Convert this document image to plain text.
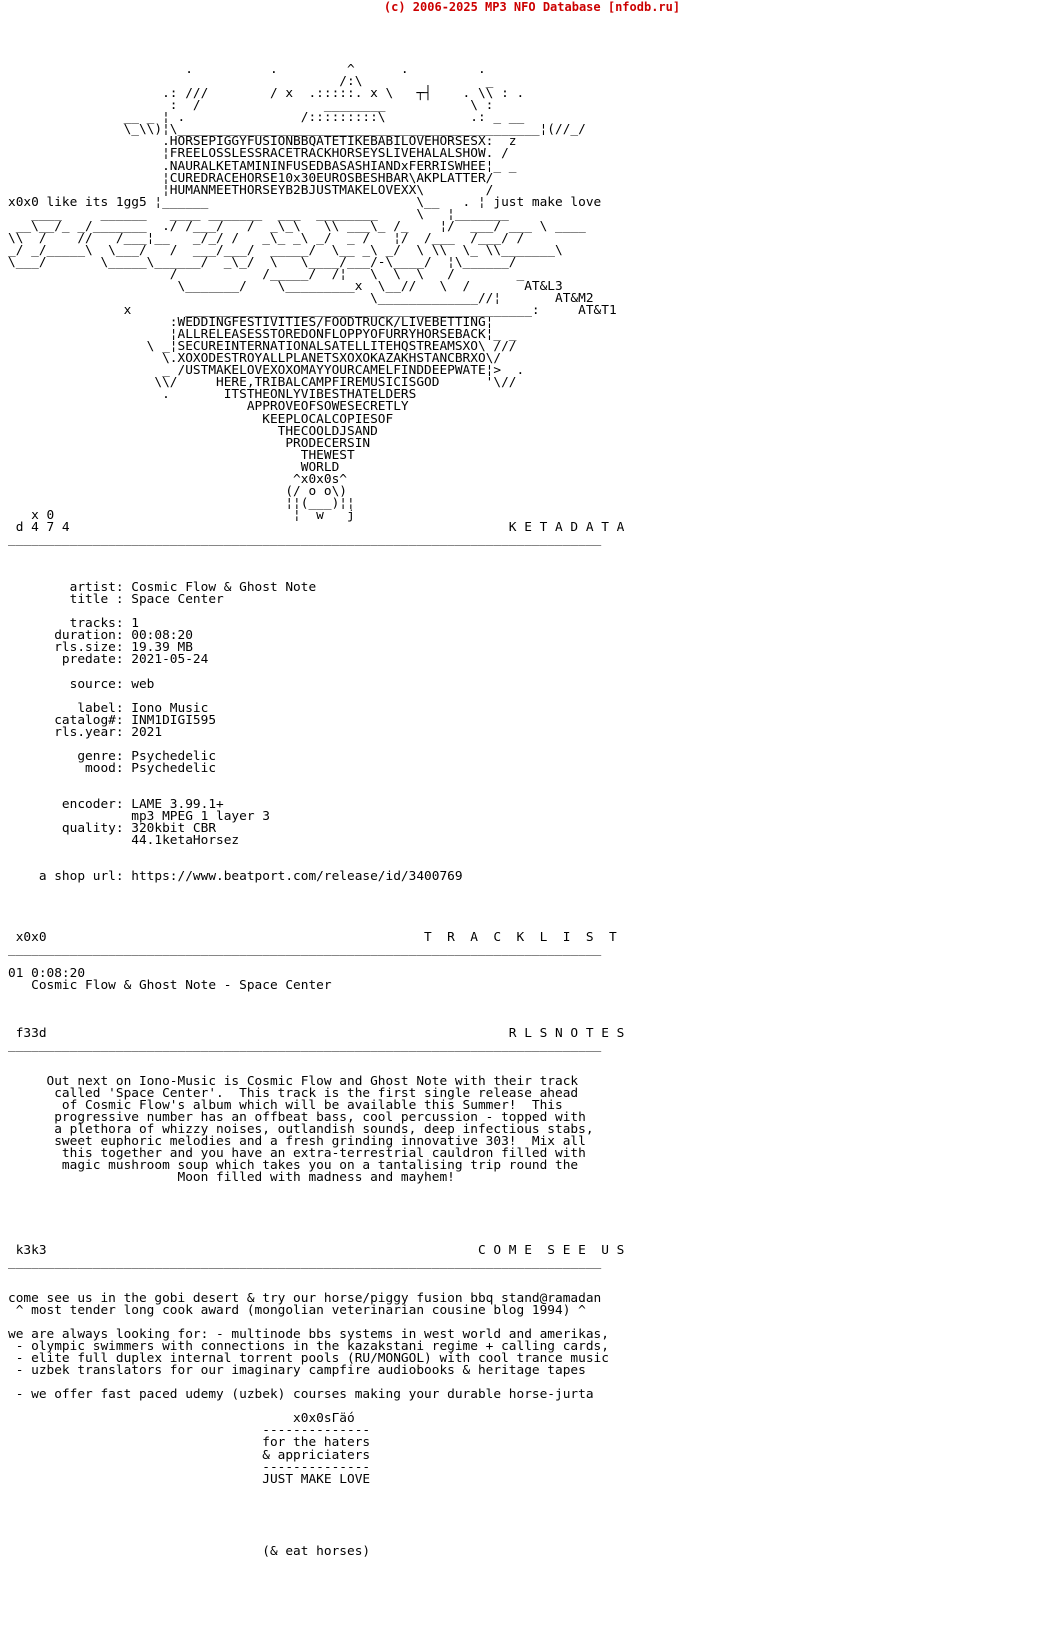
(c) 2006-2025 MP3 NFO Database [nfodb.ru]

.          .         ^      .         .
/:\                _
.: ///        / x  .:::::. x \   ┬┤    . \\ : .
:  /                ________           \ :
__ _ ¦ .               /:::::::::\           .: _ __
\_\\)¦\_______________________________________________¦(//_/
.HORSEPIGGYFUSIONBBQATETIKEBABILOVEHORSESX:  z
¦FREELOSSLESSRACETRACKHORSEYSLIVEHALALSHOW. /
.NAURALKETAMININFUSEDBASASHIANDxFERRISWHEE¦_ _
¦CUREDRACEHORSE10x30EUROSBESHBAR\AKPLATTER/
¦HUMANMEETHORSEYB2BJUSTMAKELOVEXX\        /
x0x0 like its 1gg5 ¦______                           \__   . ¦ just make love
____     ______   ____ _______  ___  ________     \   ¦_______
__\__/_ _/_______  ./ /___/   /  _\_\   \\ ___\_ /_    ¦/  ___/ ___ \ ____
\\  /    //   /___¦__   _/_/ /   _\_ _\ _/  _ /   ¦/  /___  /___/ /
_/ _/_____\  \___/   /  ___/___/  _____/  \__ _\ _/  \ \\  \_ \\_______\
\___/       \_____\______/  _\_/  \   \____/___/-\____/  ¦\______/
/           /_____/  /¦   \  \  \   /        _
\_______/    \_________x  \__//   \  /       AT&L3
\_____________//¦       AT&M2
x       _____________________________________________:     AT&T1
:WEDDINGFESTIVITIES/FOODTRUCK/LIVEBETTING¦
¦ALLRELEASESSTOREDONFLOPPYOFURRYHORSEBACK¦_ _
\ _¦SECUREINTERNATIONALSATELLITEHQSTREAMSXO\ ///
\.XOXODESTROYALLPLANETSXOXOKAZAKHSTANCBRXO\/
_ /USTMAKELOVEXOXOMAYYOURCAMELFINDDEEPWATE¦>  .
\\/     HERE,TRIBALCAMPFIREMUSICISGOD      '\//
.       ITSTHEONLYVIBESTHATELDERS
APPROVEOFSOWESECRETLY
KEEPLOCALCOPIESOF
THECOOLDJSAND
PRODECERSIN
THEWEST
WORLD
^x0x0s^
(/ o o\)
¦¦(___)¦¦
x 0                               ¦  w   j
d 4 7 4                                                         K E T A D A T A
_____________________________________________________________________________

artist: Cosmic Flow & Ghost Note
title : Space Center

tracks: 1
duration: 00:08:20
rls.size: 19.39 MB
predate: 2021-05-24

source: web

label: Iono Music
catalog#: INM1DIGI595
rls.year: 2021

genre: Psychedelic
mood: Psychedelic

encoder: LAME 3.99.1+
mp3 MPEG 1 layer 3
quality: 320kbit CBR
44.1ketaHorsez

a shop url: https://www.beatport.com/release/id/3400769

x0x0                                                 T  R  A  C  K  L  I  S  T
_____________________________________________________________________________

01 0:08:20
Cosmic Flow & Ghost Note - Space Center

f33d                                                            R L S N O T E S
_____________________________________________________________________________

Out next on Iono-Music is Cosmic Flow and Ghost Note with their track
called 'Space Center'.  This track is the first single release ahead
of Cosmic Flow's album which will be available this Summer!  This
progressive number has an offbeat bass, cool percussion - topped with
a plethora of whizzy noises, outlandish sounds, deep infectious stabs,
sweet euphoric melodies and a fresh grinding innovative 303!  Mix all
this together and you have an extra-terrestrial cauldron filled with
magic mushroom soup which takes you on a tantalising trip round the
Moon filled with madness and mayhem!

k3k3                                                        C O M E  S E E  U S
_____________________________________________________________________________

come see us in the gobi desert & try our horse/piggy fusion bbq stand@ramadan
^ most tender long cook award (mongolian veterinarian cousine blog 1994) ^

we are always looking for: - multinode bbs systems in west world and amerikas,
- olympic swimmers with connections in the kazakstani regime + calling cards,
- elite full duplex internal torrent pools (RU/MONGOL) with cool trance music
- uzbek translators for our imaginary campfire audiobooks & heritage tapes

- we offer fast paced udemy (uzbek) courses making your durable horse-jurta

x0x0sГäó
--------------
for the haters
& appriciaters
--------------
JUST MAKE LOVE

(& eat horses)
